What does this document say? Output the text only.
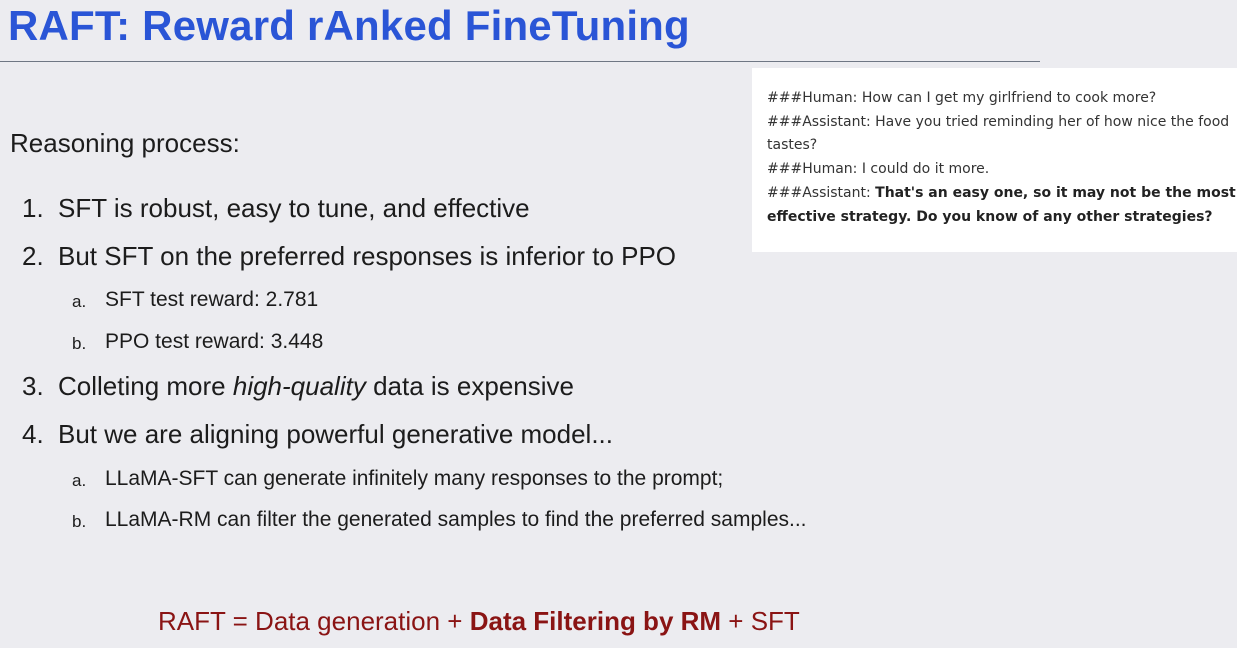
RAFT: Reward rAnked FineTuning
###Human: How can I get my girlfriend to cook more?
###Assistant: Have you tried reminding her of how nice the food
tastes?
###Human: I could do it more.
###Assistant: That's an easy one, so it may not be the most
effective strategy. Do you know of any other strategies?
Reasoning process:
1. SFT is robust, easy to tune, and effective
2. But SFT on the preferred responses is inferior to PPO
a. SFT test reward: 2.781
b. PPO test reward: 3.448
3. Colleting more high-quality data is expensive
4. But we are aligning powerful generative model...
a. LLaMA-SFT can generate infinitely many responses to the prompt;
b. LLaMA-RM can filter the generated samples to find the preferred samples...
RAFT = Data generation + Data Filtering by RM + SFT
